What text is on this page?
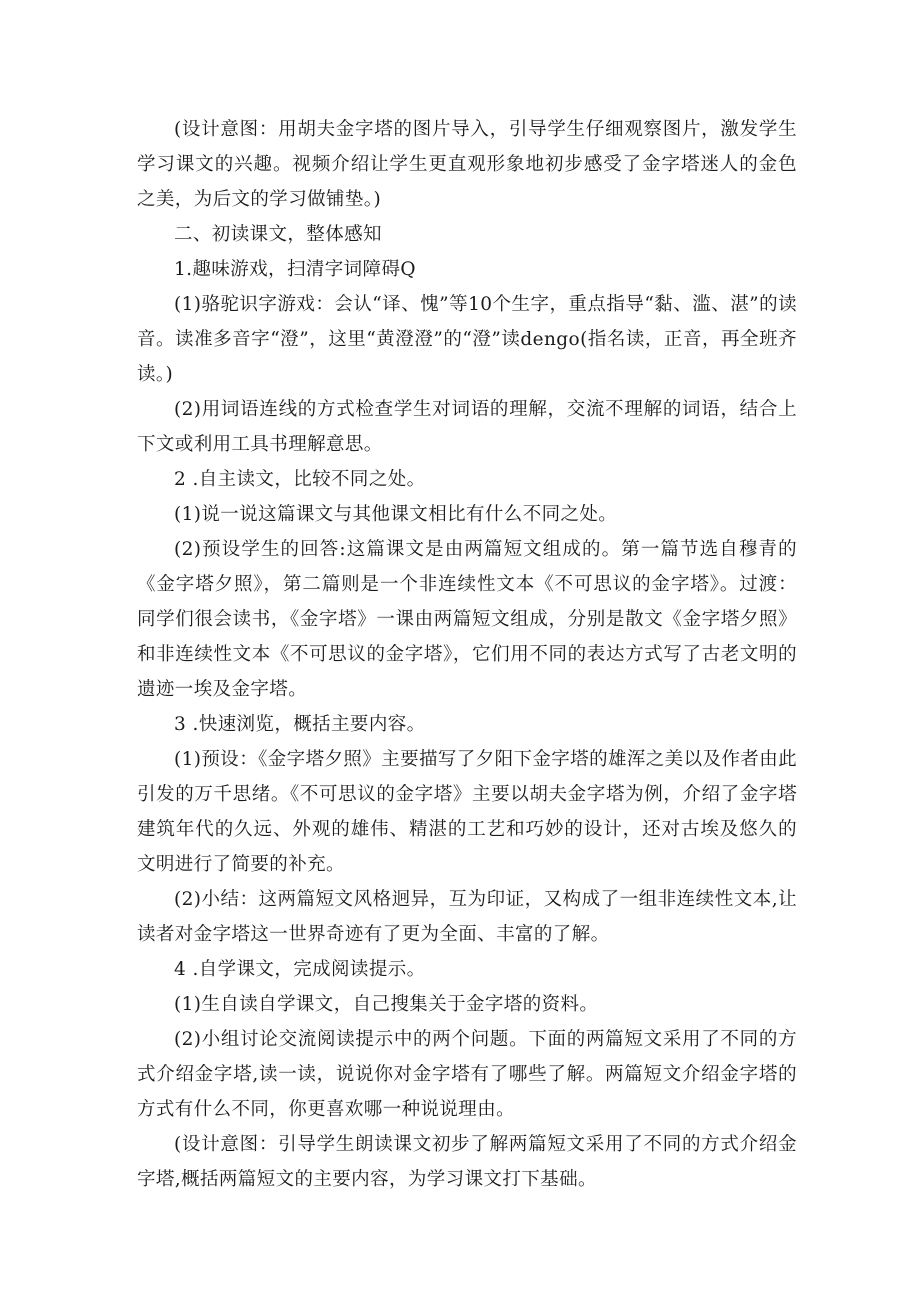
(设计意图：用胡夫金字塔的图片导入，引导学生仔细观察图片，激发学生学习课文的兴趣。视频介绍让学生更直观形象地初步感受了金字塔迷人的金色之美，为后文的学习做铺垫。)

二、初读课文，整体感知

1.趣味游戏，扫清字词障碍Q

(1)骆驼识字游戏：会认“译、愧”等10个生字，重点指导“黏、滥、湛”的读音。读准多音字“澄”，这里“黄澄澄”的“澄”读dengo(指名读，正音，再全班齐读。)

(2)用词语连线的方式检查学生对词语的理解，交流不理解的词语，结合上下文或利用工具书理解意思。

2 .自主读文，比较不同之处。

(1)说一说这篇课文与其他课文相比有什么不同之处。

(2)预设学生的回答:这篇课文是由两篇短文组成的。第一篇节选自穆青的《金字塔夕照》，第二篇则是一个非连续性文本《不可思议的金字塔》。过渡：同学们很会读书，《金字塔》一课由两篇短文组成，分别是散文《金字塔夕照》和非连续性文本《不可思议的金字塔》，它们用不同的表达方式写了古老文明的遗迹一埃及金字塔。

3 .快速浏览，概括主要内容。

(1)预设：《金字塔夕照》主要描写了夕阳下金字塔的雄浑之美以及作者由此引发的万千思绪。《不可思议的金字塔》主要以胡夫金字塔为例，介绍了金字塔建筑年代的久远、外观的雄伟、精湛的工艺和巧妙的设计，还对古埃及悠久的文明进行了简要的补充。

(2)小结：这两篇短文风格迥异，互为印证，又构成了一组非连续性文本,让读者对金字塔这一世界奇迹有了更为全面、丰富的了解。

4 .自学课文，完成阅读提示。

(1)生自读自学课文，自己搜集关于金字塔的资料。

(2)小组讨论交流阅读提示中的两个问题。下面的两篇短文采用了不同的方式介绍金字塔,读一读，说说你对金字塔有了哪些了解。两篇短文介绍金字塔的方式有什么不同，你更喜欢哪一种说说理由。

(设计意图：引导学生朗读课文初步了解两篇短文采用了不同的方式介绍金字塔,概括两篇短文的主要内容，为学习课文打下基础。
